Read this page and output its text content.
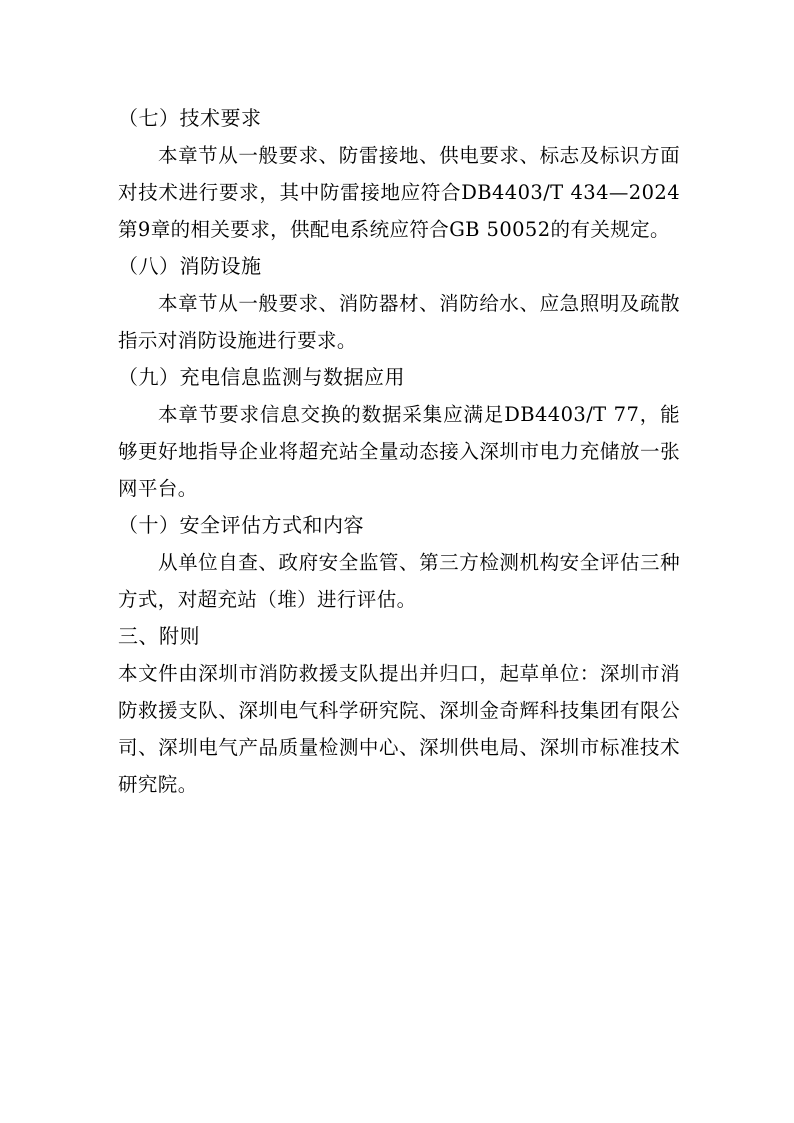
（七）技术要求

本章节从一般要求、防雷接地、供电要求、标志及标识方面对技术进行要求，其中防雷接地应符合DB4403/T 434—2024第9章的相关要求，供配电系统应符合GB 50052的有关规定。

（八）消防设施

本章节从一般要求、消防器材、消防给水、应急照明及疏散指示对消防设施进行要求。

（九）充电信息监测与数据应用

本章节要求信息交换的数据采集应满足DB4403/T 77，能够更好地指导企业将超充站全量动态接入深圳市电力充储放一张网平台。

（十）安全评估方式和内容

从单位自查、政府安全监管、第三方检测机构安全评估三种方式，对超充站（堆）进行评估。

三、附则

本文件由深圳市消防救援支队提出并归口，起草单位：深圳市消防救援支队、深圳电气科学研究院、深圳金奇辉科技集团有限公司、深圳电气产品质量检测中心、深圳供电局、深圳市标准技术研究院。
